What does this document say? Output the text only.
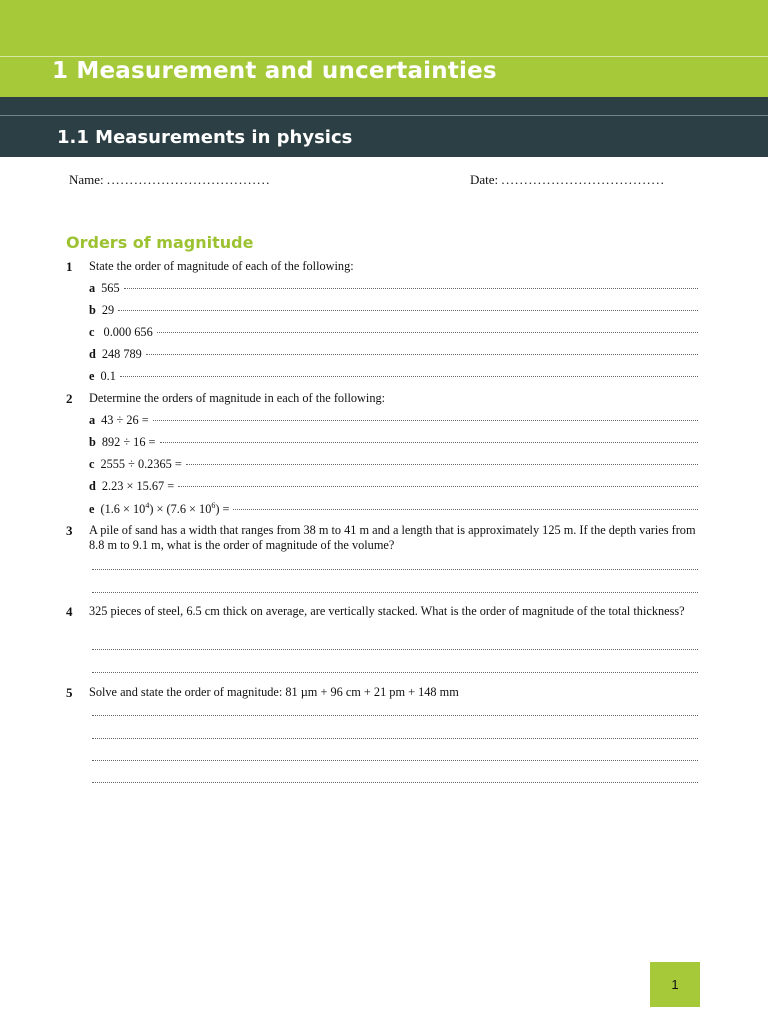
1 Measurement and uncertainties
1.1 Measurements in physics
Name: ....................................	Date: ....................................
Orders of magnitude
1 State the order of magnitude of each of the following:
a 565
b 29
c 0.000 656
d 248 789
e 0.1
2 Determine the orders of magnitude in each of the following:
a 43 ÷ 26 =
b 892 ÷ 16 =
c 2555 ÷ 0.2365 =
d 2.23 × 15.67 =
e $(1.6 \times 10^4) \times (7.6 \times 10^6)$ =
3 A pile of sand has a width that ranges from 38 m to 41 m and a length that is approximately 125 m. If the depth varies from 8.8 m to 9.1 m, what is the order of magnitude of the volume?
4 325 pieces of steel, 6.5 cm thick on average, are vertically stacked. What is the order of magnitude of the total thickness?
5 Solve and state the order of magnitude: 81 µm + 96 cm + 21 pm + 148 mm
1
